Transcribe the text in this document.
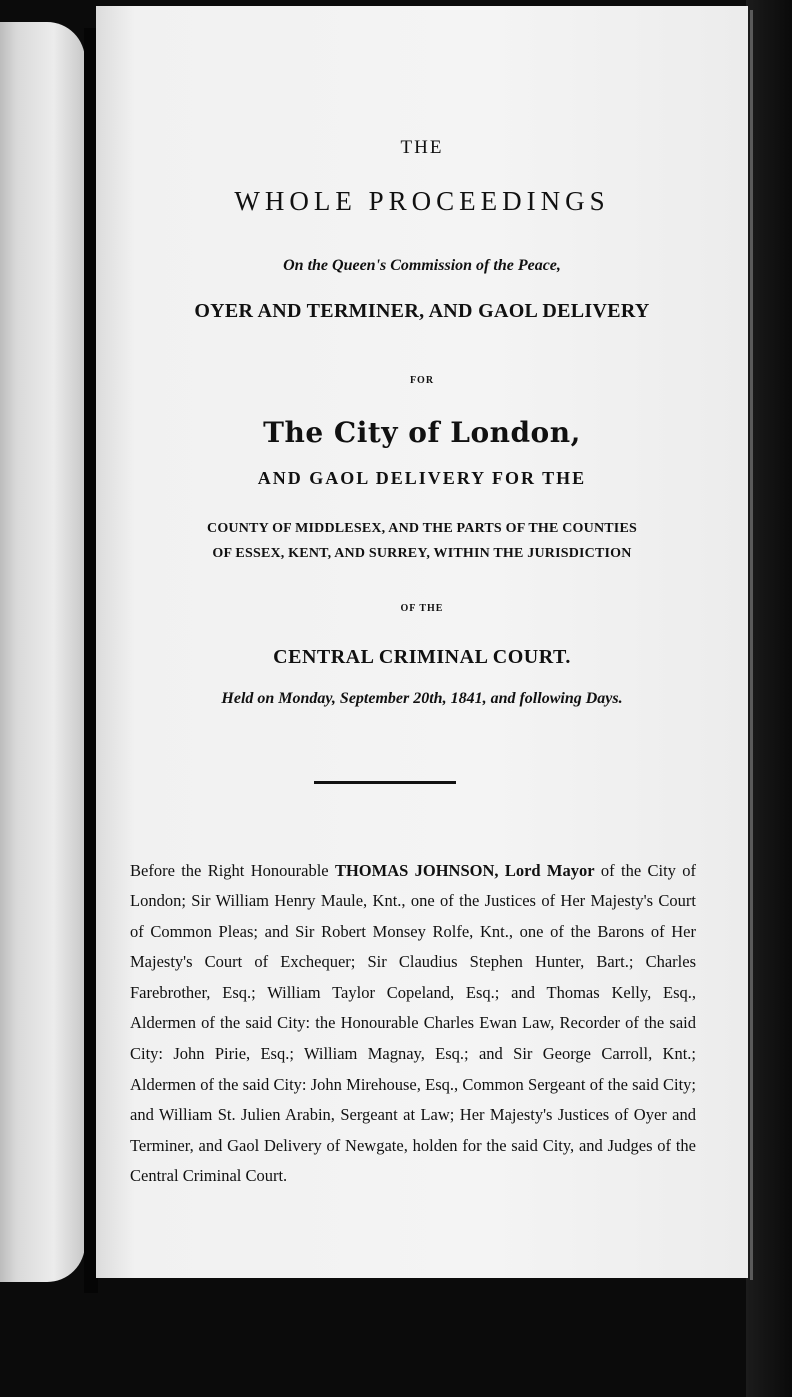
THE
WHOLE PROCEEDINGS
On the Queen's Commission of the Peace,
OYER AND TERMINER, AND GAOL DELIVERY
FOR
The City of London,
AND GAOL DELIVERY FOR THE
COUNTY OF MIDDLESEX, AND THE PARTS OF THE COUNTIES
OF ESSEX, KENT, AND SURREY, WITHIN THE JURISDICTION
OF THE
CENTRAL CRIMINAL COURT.
Held on Monday, September 20th, 1841, and following Days.

Before the Right Honourable THOMAS JOHNSON, Lord Mayor of the City of London; Sir William Henry Maule, Knt., one of the Justices of Her Majesty's Court of Common Pleas; and Sir Robert Monsey Rolfe, Knt., one of the Barons of Her Majesty's Court of Exchequer; Sir Claudius Stephen Hunter, Bart.; Charles Farebrother, Esq.; William Taylor Copeland, Esq.; and Thomas Kelly, Esq., Aldermen of the said City: the Honourable Charles Ewan Law, Recorder of the said City: John Pirie, Esq.; William Magnay, Esq.; and Sir George Carroll, Knt.; Aldermen of the said City: John Mirehouse, Esq., Common Sergeant of the said City; and William St. Julien Arabin, Sergeant at Law; Her Majesty's Justices of Oyer and Terminer, and Gaol Delivery of Newgate, holden for the said City, and Judges of the Central Criminal Court.
